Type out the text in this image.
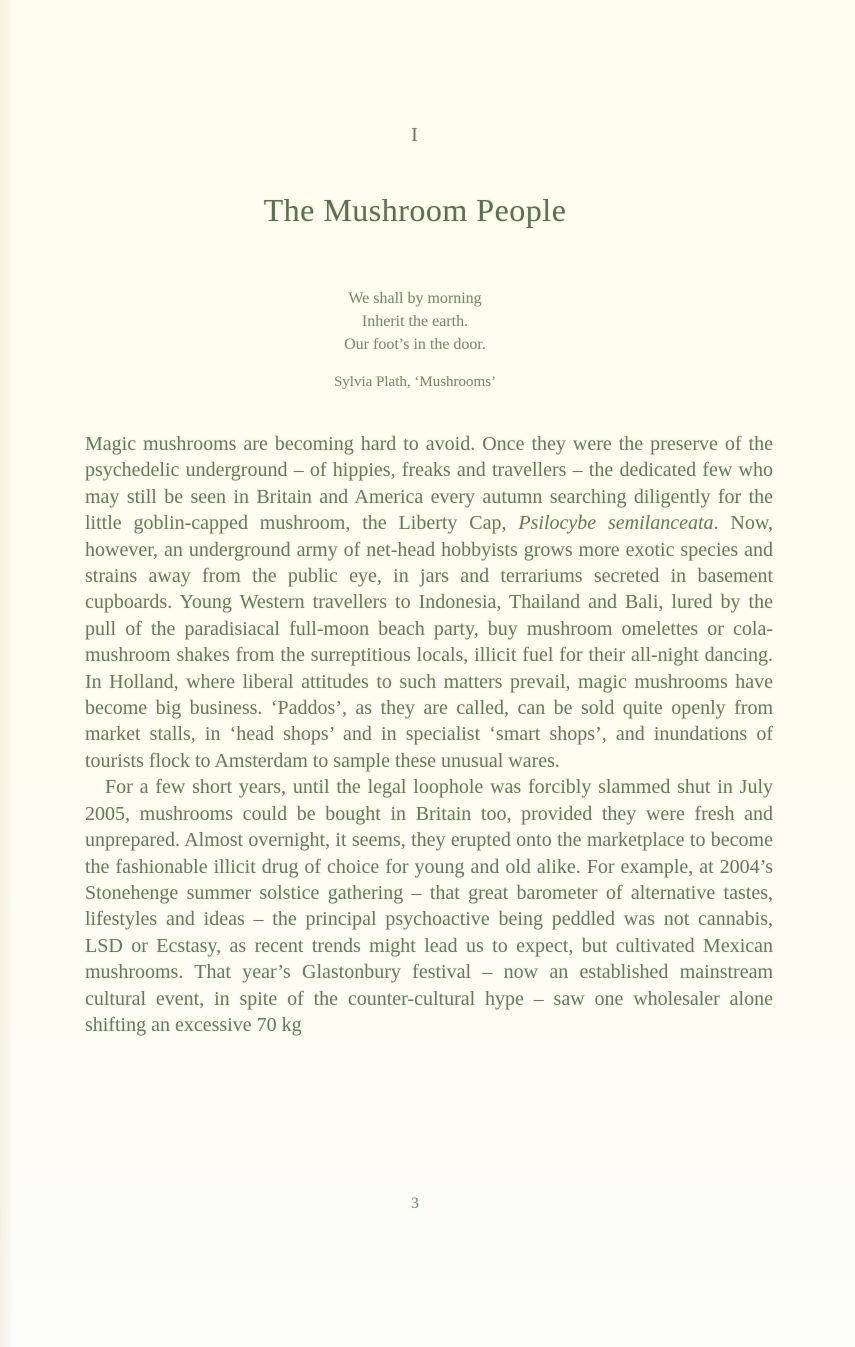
I
The Mushroom People
We shall by morning
Inherit the earth.
Our foot’s in the door.
Sylvia Plath, ‘Mushrooms’

Magic mushrooms are becoming hard to avoid. Once they were the preserve of the psychedelic underground – of hippies, freaks and travellers – the dedicated few who may still be seen in Britain and America every autumn searching diligently for the little goblin-capped mushroom, the Liberty Cap, Psilocybe semilanceata. Now, however, an underground army of net-head hobbyists grows more exotic species and strains away from the public eye, in jars and terrariums secreted in basement cupboards. Young Western travellers to Indonesia, Thailand and Bali, lured by the pull of the paradisiacal full-moon beach party, buy mushroom omelettes or cola-mushroom shakes from the surreptitious locals, illicit fuel for their all-night dancing. In Holland, where liberal attitudes to such matters prevail, magic mushrooms have become big business. ‘Paddos’, as they are called, can be sold quite openly from market stalls, in ‘head shops’ and in specialist ‘smart shops’, and inundations of tourists flock to Amsterdam to sample these unusual wares.

For a few short years, until the legal loophole was forcibly slammed shut in July 2005, mushrooms could be bought in Britain too, provided they were fresh and unprepared. Almost overnight, it seems, they erupted onto the marketplace to become the fashionable illicit drug of choice for young and old alike. For example, at 2004’s Stonehenge summer solstice gathering – that great barometer of alternative tastes, lifestyles and ideas – the principal psychoactive being peddled was not cannabis, LSD or Ecstasy, as recent trends might lead us to expect, but cultivated Mexican mushrooms. That year’s Glastonbury festival – now an established mainstream cultural event, in spite of the counter-cultural hype – saw one wholesaler alone shifting an excessive 70 kg

3
